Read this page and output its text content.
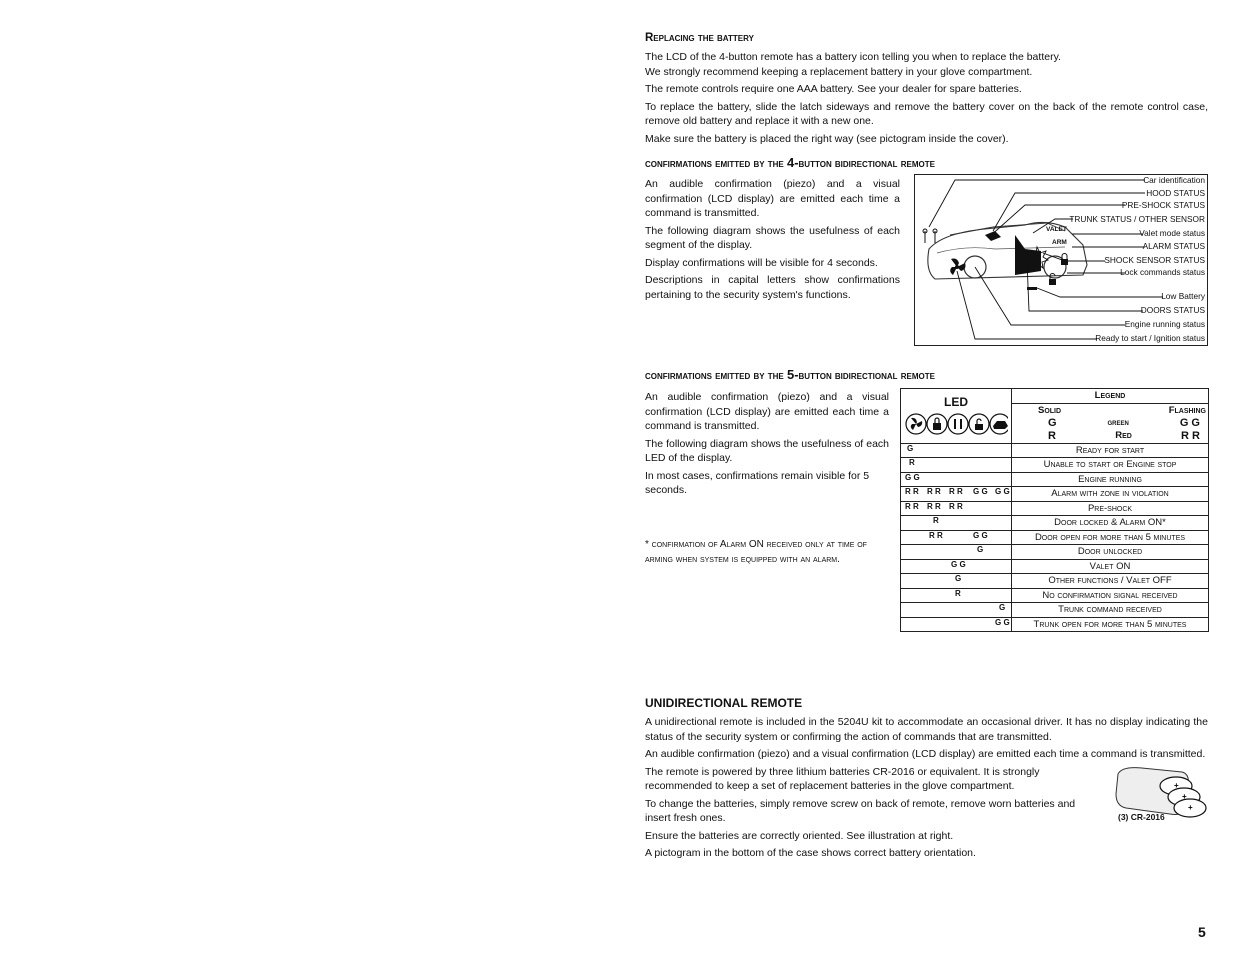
Replacing the battery

The LCD of the 4-button remote has a battery icon telling you when to replace the battery.

We strongly recommend keeping a replacement battery in your glove compartment.

The remote controls require one AAA battery. See your dealer for spare batteries.

To replace the battery, slide the latch sideways and remove the battery cover on the back of the remote control case, remove old battery and replace it with a new one.

Make sure the battery is placed the right way (see pictogram inside the cover).

confirmations emitted by the 4-button bidirectional remote

An audible confirmation (piezo) and a visual confirmation (LCD display) are emitted each time a command is transmitted.

The following diagram shows the usefulness of each segment of the display.

Display confirmations will be visible for 4 seconds.

Descriptions in capital letters show confirmations pertaining to the security system's functions.

VALET
ARM
Car identification
HOOD STATUS
PRE-SHOCK STATUS
TRUNK STATUS / OTHER SENSOR
Valet mode status
ALARM STATUS
SHOCK SENSOR STATUS
Lock commands status
Low Battery
DOORS STATUS
Engine running status
Ready to start / Ignition status
confirmations emitted by the 5-button bidirectional remote

An audible confirmation (piezo) and a visual confirmation (LCD display) are emitted each time a command is transmitted.

The following diagram shows the usefulness of each LED of the display.

In most cases, confirmations remain visible for 5 seconds.

* confirmation of Alarm ON received only at time of arming when system is equipped with an alarm.
LED	Legend

	Solid Flashing

	G green G G

	R Red R R

G	Ready for start

R	Unable to start or Engine stop

G G	Engine running

R R R R R R G G G G	Alarm with zone in violation

R R R R R R	Pre-shock

R	Door locked & Alarm ON*

R R G G	Door open for more than 5 minutes

G	Door unlocked

G G	Valet ON

G	Other functions / Valet OFF

R	No confirmation signal received

G	Trunk command received

G G	Trunk open for more than 5 minutes
UNIDIRECTIONAL REMOTE

A unidirectional remote is included in the 5204U kit to accommodate an occasional driver. It has no display indicating the status of the security system or confirming the action of commands that are transmitted.

An audible confirmation (piezo) and a visual confirmation (LCD display) are emitted each time a command is transmitted.

The remote is powered by three lithium batteries CR-2016 or equivalent. It is strongly recommended to keep a set of replacement batteries in the glove compartment.

To change the batteries, simply remove screw on back of remote, remove worn batteries and insert fresh ones.

Ensure the batteries are correctly oriented. See illustration at right.

A pictogram in the bottom of the case shows correct battery orientation.

+
+
+
(3) CR-2016
5
